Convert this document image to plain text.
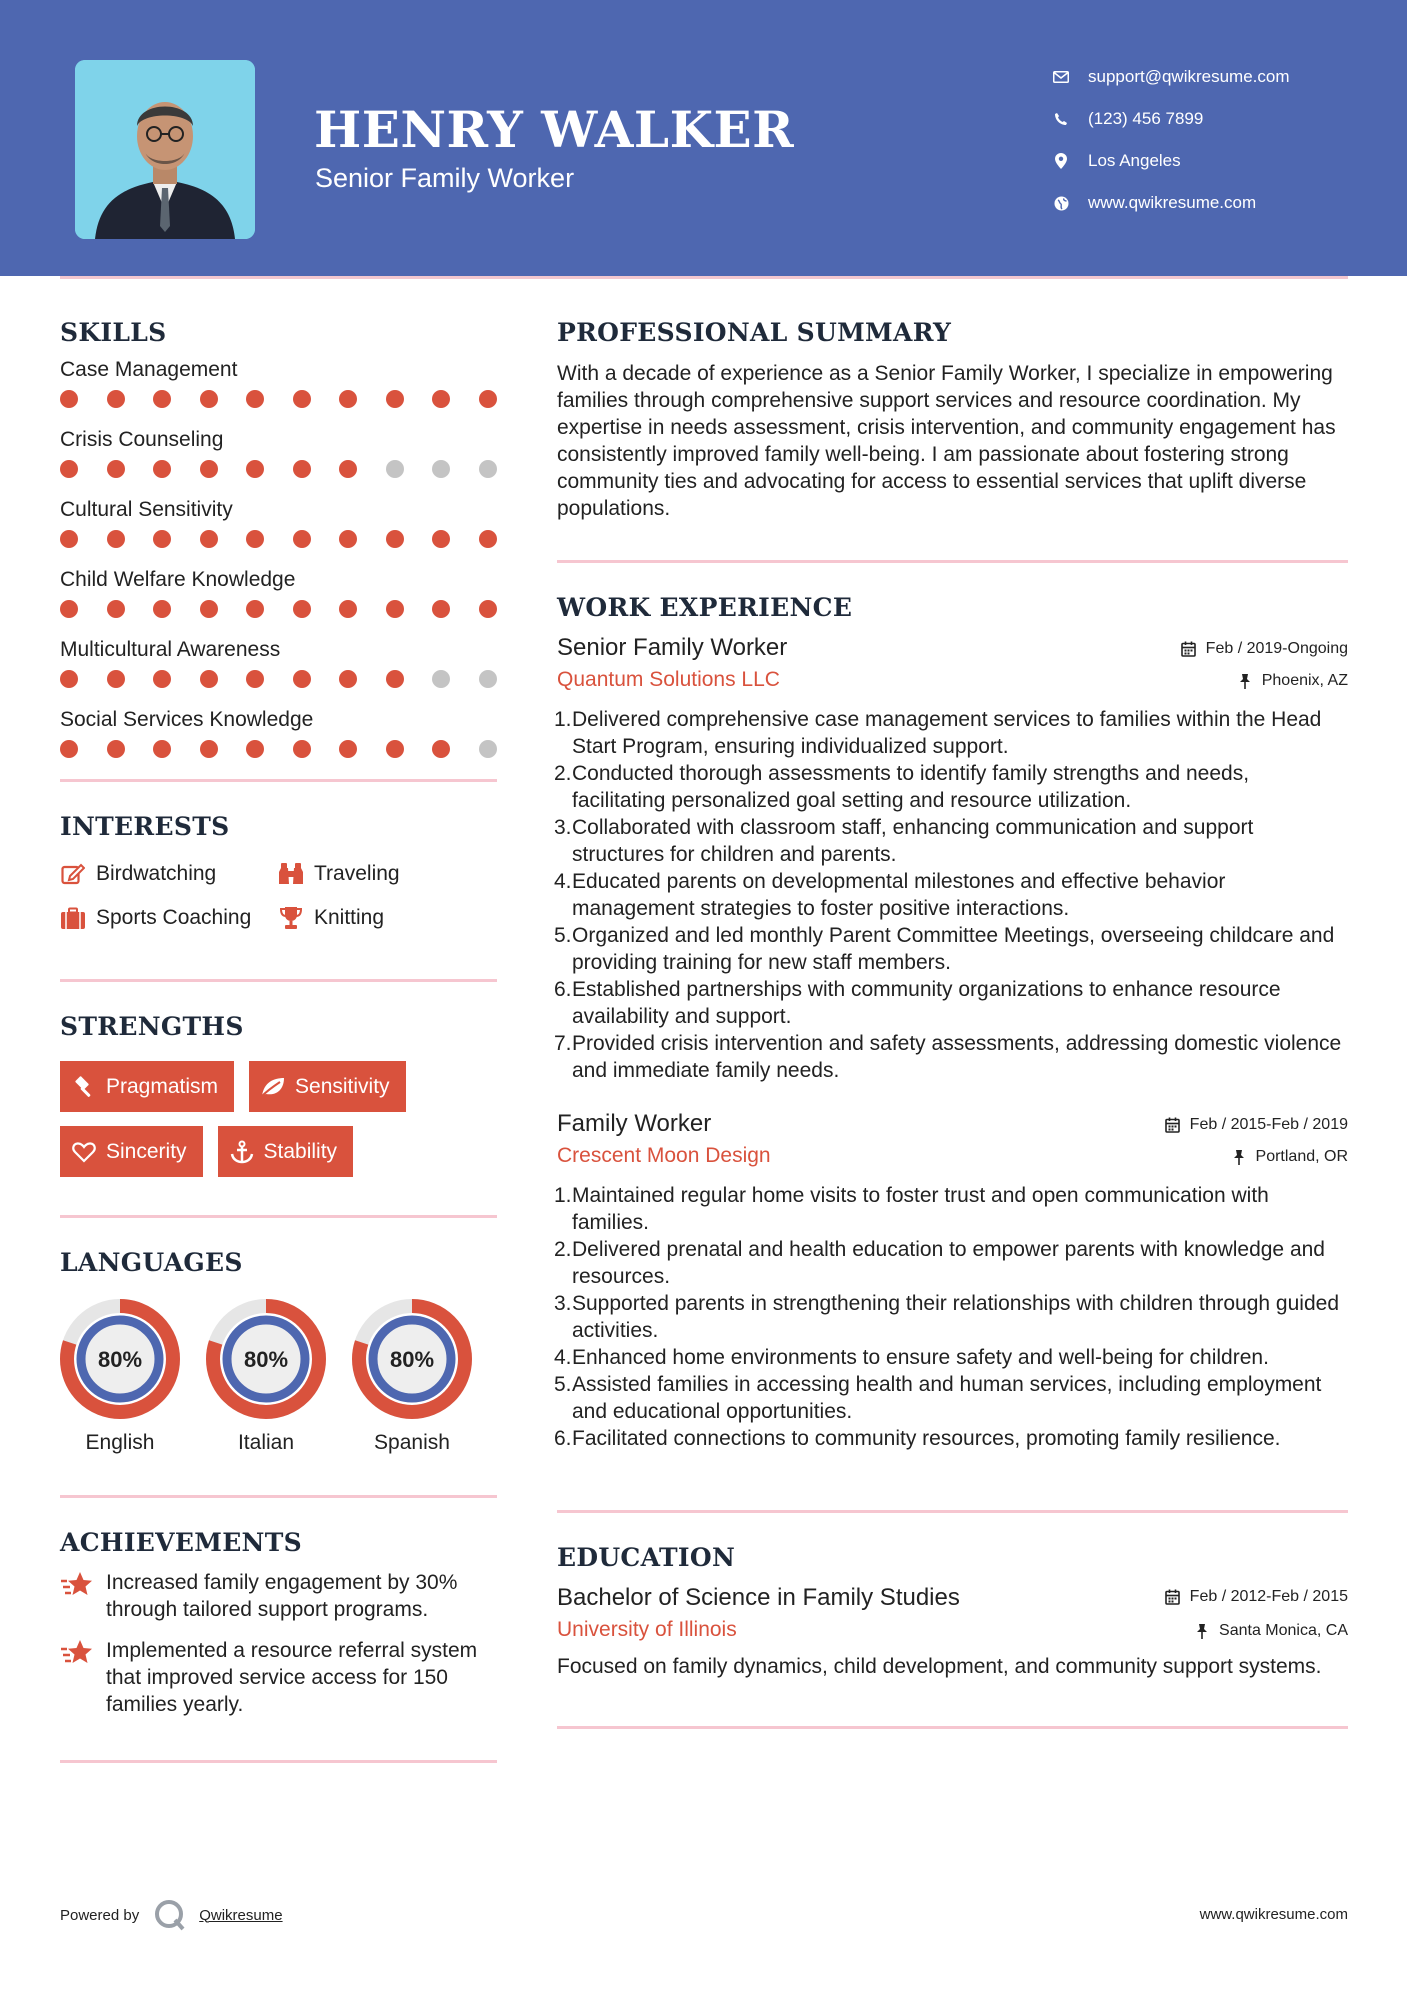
HENRY WALKER
Senior Family Worker
support@qwikresume.com
(123) 456 7899
Los Angeles
www.qwikresume.com
SKILLS
Case Management
Crisis Counseling
Cultural Sensitivity
Child Welfare Knowledge
Multicultural Awareness
Social Services Knowledge
INTERESTS
Birdwatching	Traveling
Sports Coaching	Knitting
STRENGTHS
Pragmatism	Sensitivity
Sincerity	Stability
LANGUAGES
80%
English
80%
Italian
80%
Spanish
ACHIEVEMENTS
Increased family engagement by 30% through tailored support programs.
Implemented a resource referral system that improved service access for 150 families yearly.
PROFESSIONAL SUMMARY
With a decade of experience as a Senior Family Worker, I specialize in empowering families through comprehensive support services and resource coordination. My expertise in needs assessment, crisis intervention, and community engagement has consistently improved family well-being. I am passionate about fostering strong community ties and advocating for access to essential services that uplift diverse populations.
WORK EXPERIENCE
Senior Family Worker	Feb / 2019-Ongoing
Quantum Solutions LLC	Phoenix, AZ
1. Delivered comprehensive case management services to families within the Head Start Program, ensuring individualized support.
2. Conducted thorough assessments to identify family strengths and needs, facilitating personalized goal setting and resource utilization.
3. Collaborated with classroom staff, enhancing communication and support structures for children and parents.
4. Educated parents on developmental milestones and effective behavior management strategies to foster positive interactions.
5. Organized and led monthly Parent Committee Meetings, overseeing childcare and providing training for new staff members.
6. Established partnerships with community organizations to enhance resource availability and support.
7. Provided crisis intervention and safety assessments, addressing domestic violence and immediate family needs.
Family Worker	Feb / 2015-Feb / 2019
Crescent Moon Design	Portland, OR
1. Maintained regular home visits to foster trust and open communication with families.
2. Delivered prenatal and health education to empower parents with knowledge and resources.
3. Supported parents in strengthening their relationships with children through guided activities.
4. Enhanced home environments to ensure safety and well-being for children.
5. Assisted families in accessing health and human services, including employment and educational opportunities.
6. Facilitated connections to community resources, promoting family resilience.
EDUCATION
Bachelor of Science in Family Studies	Feb / 2012-Feb / 2015
University of Illinois	Santa Monica, CA
Focused on family dynamics, child development, and community support systems.
Powered by	Qwikresume	www.qwikresume.com
